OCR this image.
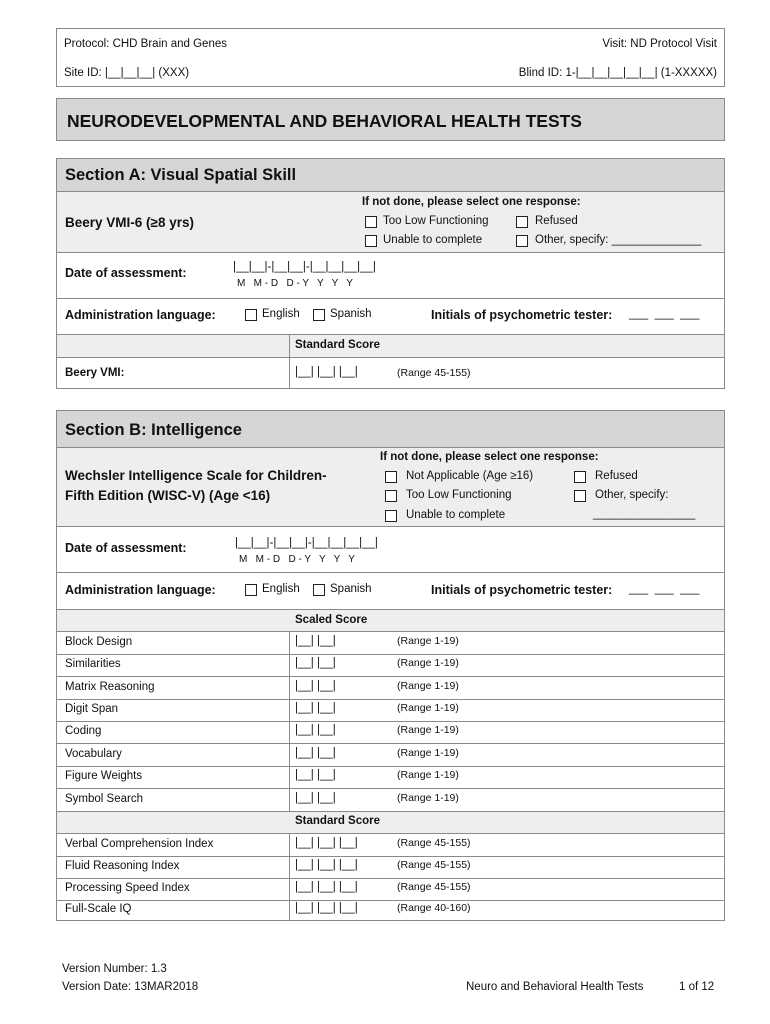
Protocol: CHD Brain and Genes	Visit: ND Protocol Visit
Site ID: |__|__|__| (XXX)	Blind ID: 1-|__|__|__|__|__| (1-XXXXX)
NEURODEVELOPMENTAL AND BEHAVIORAL HEALTH TESTS
Section A: Visual Spatial Skill
Beery VMI-6 (≥8 yrs)
If not done, please select one response:
Too Low Functioning	Refused
Unable to complete	Other, specify: ______________
Date of assessment:	|__|__|-|__|__|-|__|__|__|__|
M   M - D   D - Y   Y   Y   Y
Administration language:	English	Spanish	Initials of psychometric tester: ___  ___  ___
Standard Score
Beery VMI:	|__| |__| |__|	(Range 45-155)
Section B: Intelligence
Wechsler Intelligence Scale for Children-
Fifth Edition (WISC-V) (Age <16)
If not done, please select one response:
Not Applicable (Age ≥16)	Refused
Too Low Functioning	Other, specify:
Unable to complete	________________
Date of assessment:	|__|__|-|__|__|-|__|__|__|__|
M   M - D   D - Y   Y   Y   Y
Administration language:	English	Spanish	Initials of psychometric tester: ___  ___  ___
Scaled Score
Block Design	|__| |__|	(Range 1-19)
Similarities	|__| |__|	(Range 1-19)
Matrix Reasoning	|__| |__|	(Range 1-19)
Digit Span	|__| |__|	(Range 1-19)
Coding	|__| |__|	(Range 1-19)
Vocabulary	|__| |__|	(Range 1-19)
Figure Weights	|__| |__|	(Range 1-19)
Symbol Search	|__| |__|	(Range 1-19)
Standard Score
Verbal Comprehension Index	|__| |__| |__|	(Range 45-155)
Fluid Reasoning Index	|__| |__| |__|	(Range 45-155)
Processing Speed Index	|__| |__| |__|	(Range 45-155)
Full-Scale IQ	|__| |__| |__|	(Range 40-160)
Version Number: 1.3
Version Date: 13MAR2018	Neuro and Behavioral Health Tests	1 of 12
